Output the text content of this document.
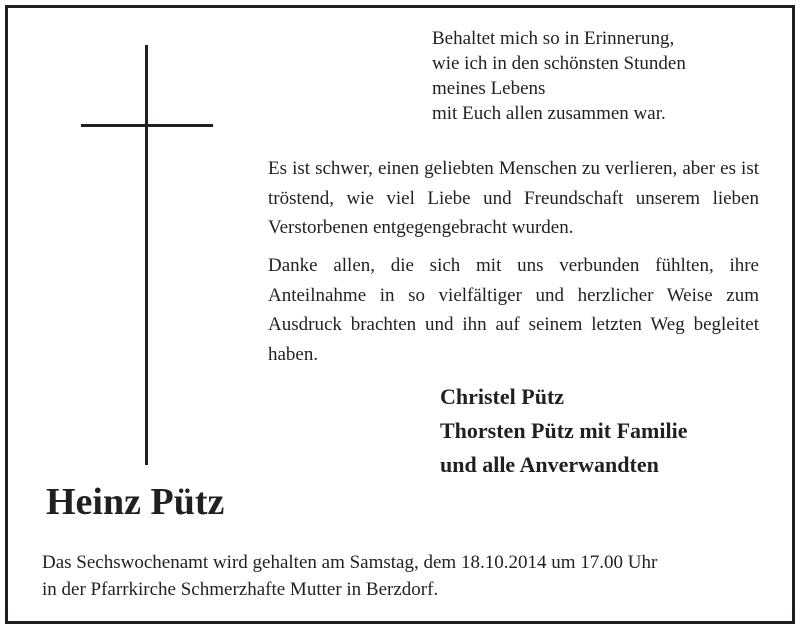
Behaltet mich so in Erinnerung,
wie ich in den schönsten Stunden
meines Lebens
mit Euch allen zusammen war.
Es ist schwer, einen geliebten Menschen zu verlieren, aber es ist tröstend, wie viel Liebe und Freundschaft unserem lieben Verstorbenen entgegengebracht wurden.
Danke allen, die sich mit uns verbunden fühlten, ihre Anteilnahme in so vielfältiger und herzlicher Weise zum Ausdruck brachten und ihn auf seinem letzten Weg begleitet haben.
Christel Pütz
Thorsten Pütz mit Familie
und alle Anverwandten
Heinz Pütz
Das Sechswochenamt wird gehalten am Samstag, dem 18.10.2014 um 17.00 Uhr
in der Pfarrkirche Schmerzhafte Mutter in Berzdorf.
